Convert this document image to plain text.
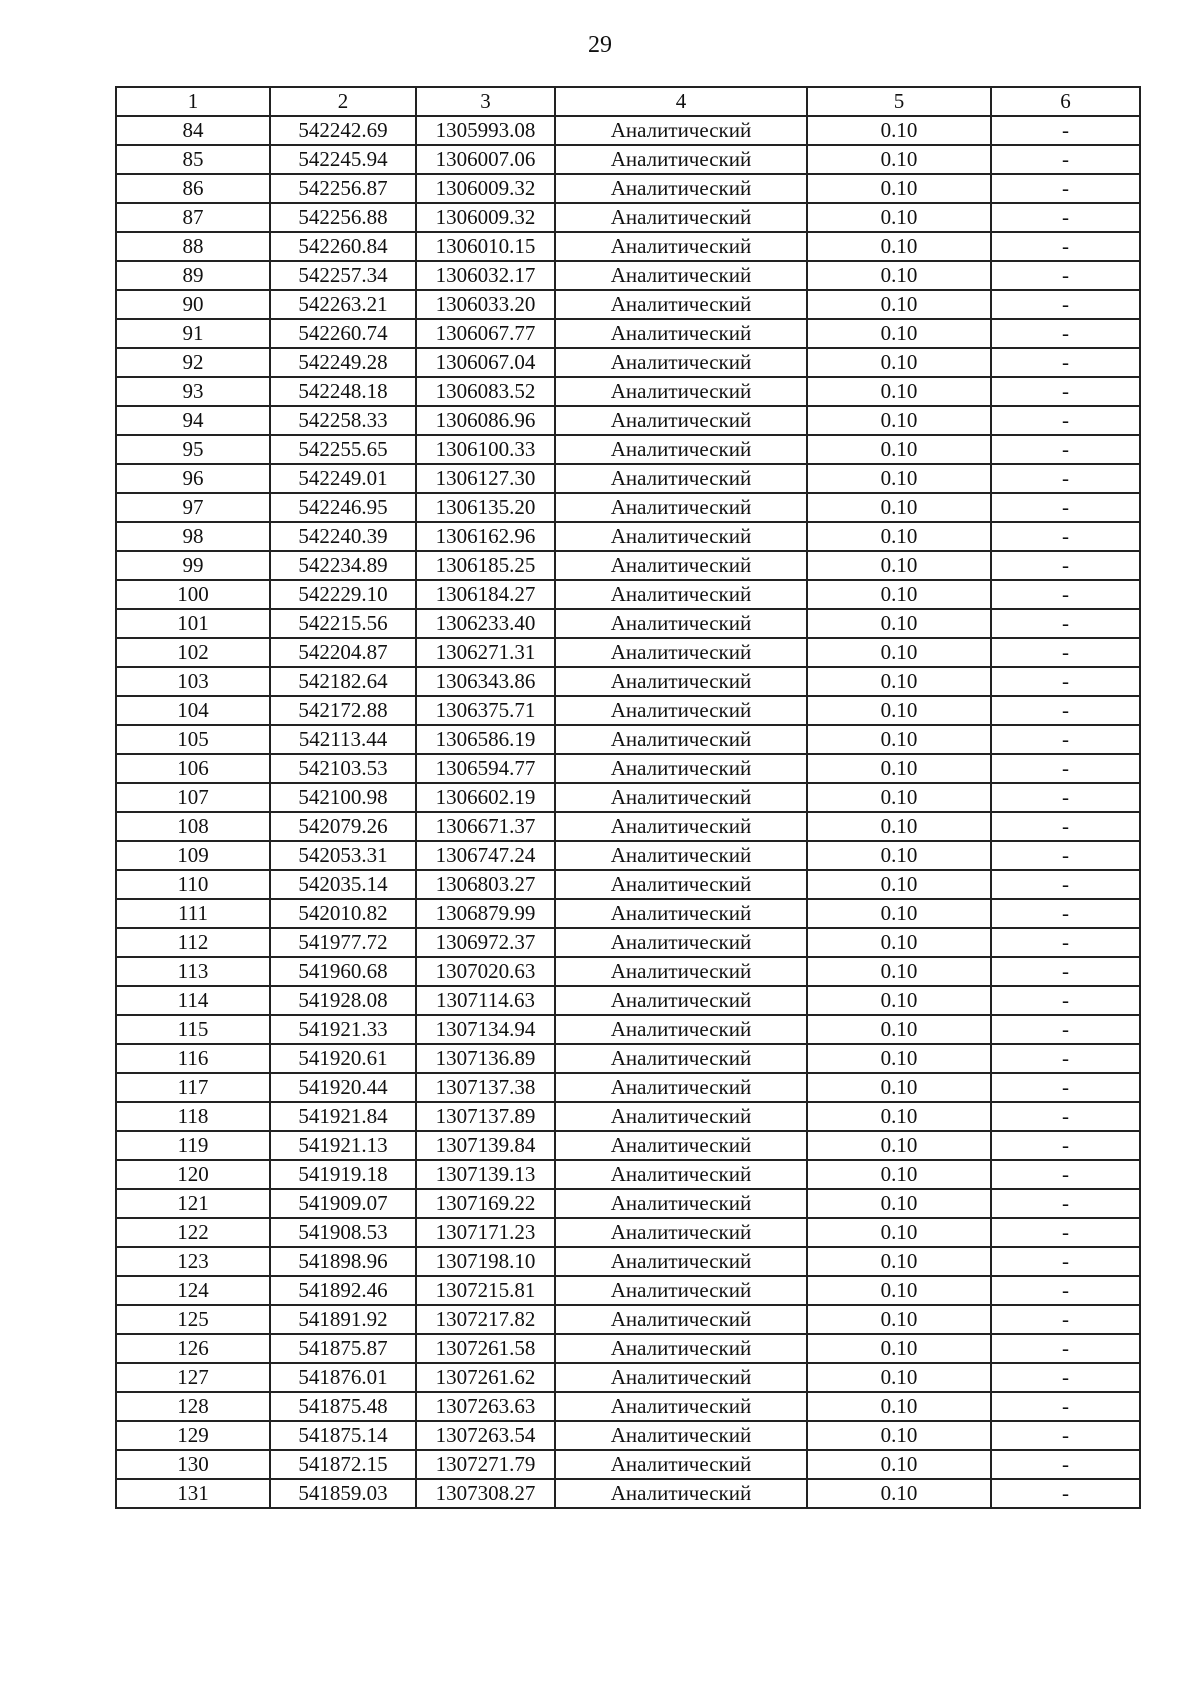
29
1	2	3	4	5	6
84	542242.69	1305993.08	Аналитический	0.10	-
85	542245.94	1306007.06	Аналитический	0.10	-
86	542256.87	1306009.32	Аналитический	0.10	-
87	542256.88	1306009.32	Аналитический	0.10	-
88	542260.84	1306010.15	Аналитический	0.10	-
89	542257.34	1306032.17	Аналитический	0.10	-
90	542263.21	1306033.20	Аналитический	0.10	-
91	542260.74	1306067.77	Аналитический	0.10	-
92	542249.28	1306067.04	Аналитический	0.10	-
93	542248.18	1306083.52	Аналитический	0.10	-
94	542258.33	1306086.96	Аналитический	0.10	-
95	542255.65	1306100.33	Аналитический	0.10	-
96	542249.01	1306127.30	Аналитический	0.10	-
97	542246.95	1306135.20	Аналитический	0.10	-
98	542240.39	1306162.96	Аналитический	0.10	-
99	542234.89	1306185.25	Аналитический	0.10	-
100	542229.10	1306184.27	Аналитический	0.10	-
101	542215.56	1306233.40	Аналитический	0.10	-
102	542204.87	1306271.31	Аналитический	0.10	-
103	542182.64	1306343.86	Аналитический	0.10	-
104	542172.88	1306375.71	Аналитический	0.10	-
105	542113.44	1306586.19	Аналитический	0.10	-
106	542103.53	1306594.77	Аналитический	0.10	-
107	542100.98	1306602.19	Аналитический	0.10	-
108	542079.26	1306671.37	Аналитический	0.10	-
109	542053.31	1306747.24	Аналитический	0.10	-
110	542035.14	1306803.27	Аналитический	0.10	-
111	542010.82	1306879.99	Аналитический	0.10	-
112	541977.72	1306972.37	Аналитический	0.10	-
113	541960.68	1307020.63	Аналитический	0.10	-
114	541928.08	1307114.63	Аналитический	0.10	-
115	541921.33	1307134.94	Аналитический	0.10	-
116	541920.61	1307136.89	Аналитический	0.10	-
117	541920.44	1307137.38	Аналитический	0.10	-
118	541921.84	1307137.89	Аналитический	0.10	-
119	541921.13	1307139.84	Аналитический	0.10	-
120	541919.18	1307139.13	Аналитический	0.10	-
121	541909.07	1307169.22	Аналитический	0.10	-
122	541908.53	1307171.23	Аналитический	0.10	-
123	541898.96	1307198.10	Аналитический	0.10	-
124	541892.46	1307215.81	Аналитический	0.10	-
125	541891.92	1307217.82	Аналитический	0.10	-
126	541875.87	1307261.58	Аналитический	0.10	-
127	541876.01	1307261.62	Аналитический	0.10	-
128	541875.48	1307263.63	Аналитический	0.10	-
129	541875.14	1307263.54	Аналитический	0.10	-
130	541872.15	1307271.79	Аналитический	0.10	-
131	541859.03	1307308.27	Аналитический	0.10	-
